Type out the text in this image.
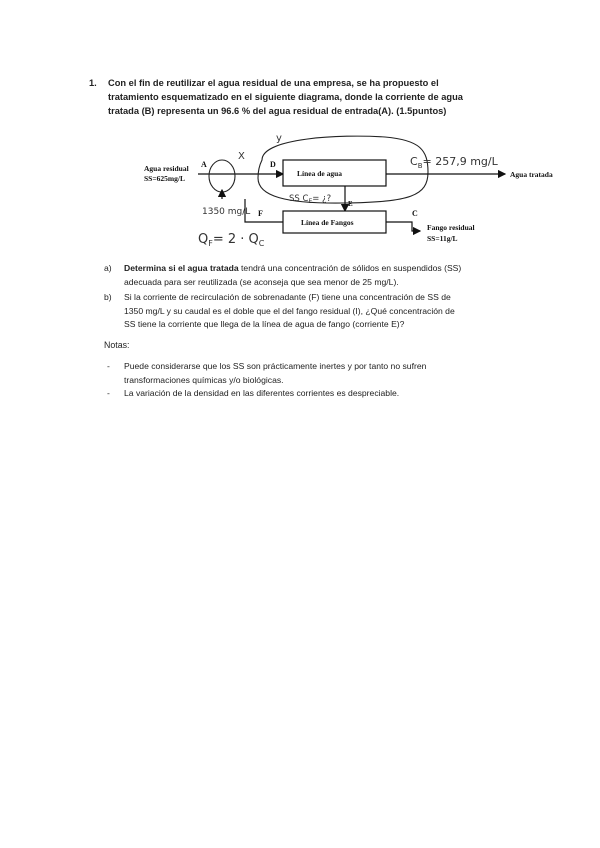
1. Con el fin de reutilizar el agua residual de una empresa, se ha propuesto el
tratamiento esquematizado en el siguiente diagrama, donde la corriente de agua
tratada (B) representa un 96.6 % del agua residual de entrada(A). (1.5puntos)
Agua residual
SS=625mg/L
A
X
y
Línea de agua
D
Agua tratada
$C_B= 257,9$ mg/L
E
SS $C_E=$ ¿?
Línea de Fangos
C
Fango residual
SS=11g/L
F
1350 mg/L
$Q_F= 2 \cdot Q_C$
a) Determina si el agua tratada tendrá una concentración de sólidos en suspendidos (SS)
adecuada para ser reutilizada (se aconseja que sea menor de 25 mg/L).
b) Si la corriente de recirculación de sobrenadante (F) tiene una concentración de SS de
1350 mg/L y su caudal es el doble que el del fango residual (I), ¿Qué concentración de
SS tiene la corriente que llega de la línea de agua de fango (corriente E)?
Notas:
- Puede considerarse que los SS son prácticamente inertes y por tanto no sufren
transformaciones químicas y/o biológicas.
- La variación de la densidad en las diferentes corrientes es despreciable.
